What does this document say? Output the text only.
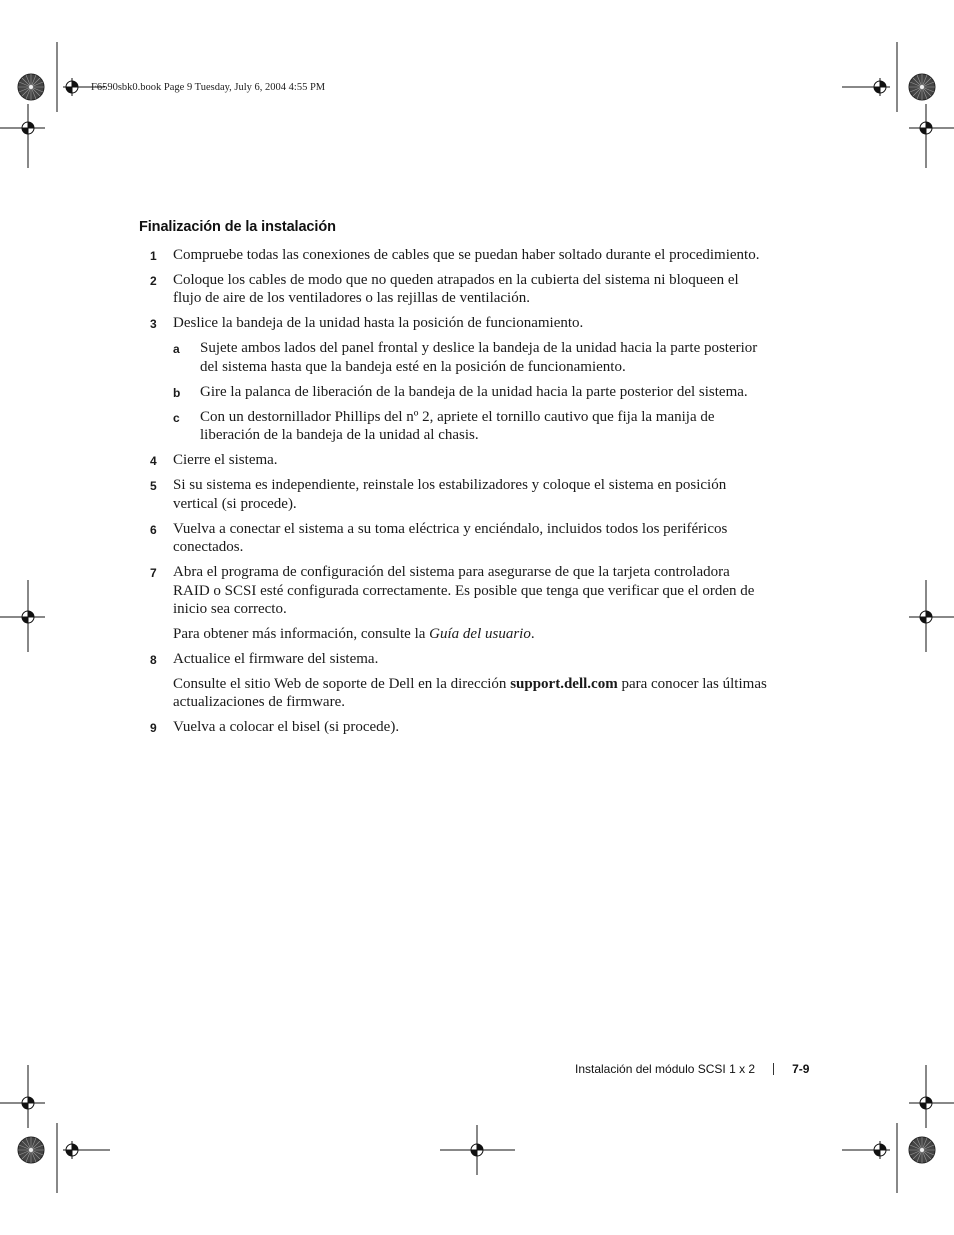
F6590sbk0.book Page 9 Tuesday, July 6, 2004 4:55 PM
Finalización de la instalación
1 Compruebe todas las conexiones de cables que se puedan haber soltado durante el procedimiento.
2 Coloque los cables de modo que no queden atrapados en la cubierta del sistema ni bloqueen el flujo de aire de los ventiladores o las rejillas de ventilación.
3 Deslice la bandeja de la unidad hasta la posición de funcionamiento.
a Sujete ambos lados del panel frontal y deslice la bandeja de la unidad hacia la parte posterior del sistema hasta que la bandeja esté en la posición de funcionamiento.
b Gire la palanca de liberación de la bandeja de la unidad hacia la parte posterior del sistema.
c Con un destornillador Phillips del nº 2, apriete el tornillo cautivo que fija la manija de liberación de la bandeja de la unidad al chasis.
4 Cierre el sistema.
5 Si su sistema es independiente, reinstale los estabilizadores y coloque el sistema en posición vertical (si procede).
6 Vuelva a conectar el sistema a su toma eléctrica y enciéndalo, incluidos todos los periféricos conectados.
7 Abra el programa de configuración del sistema para asegurarse de que la tarjeta controladora RAID o SCSI esté configurada correctamente. Es posible que tenga que verificar que el orden de inicio sea correcto.
Para obtener más información, consulte la Guía del usuario.
8 Actualice el firmware del sistema.
Consulte el sitio Web de soporte de Dell en la dirección support.dell.com para conocer las últimas actualizaciones de firmware.
9 Vuelva a colocar el bisel (si procede).
Instalación del módulo SCSI 1 x 2	7-9
